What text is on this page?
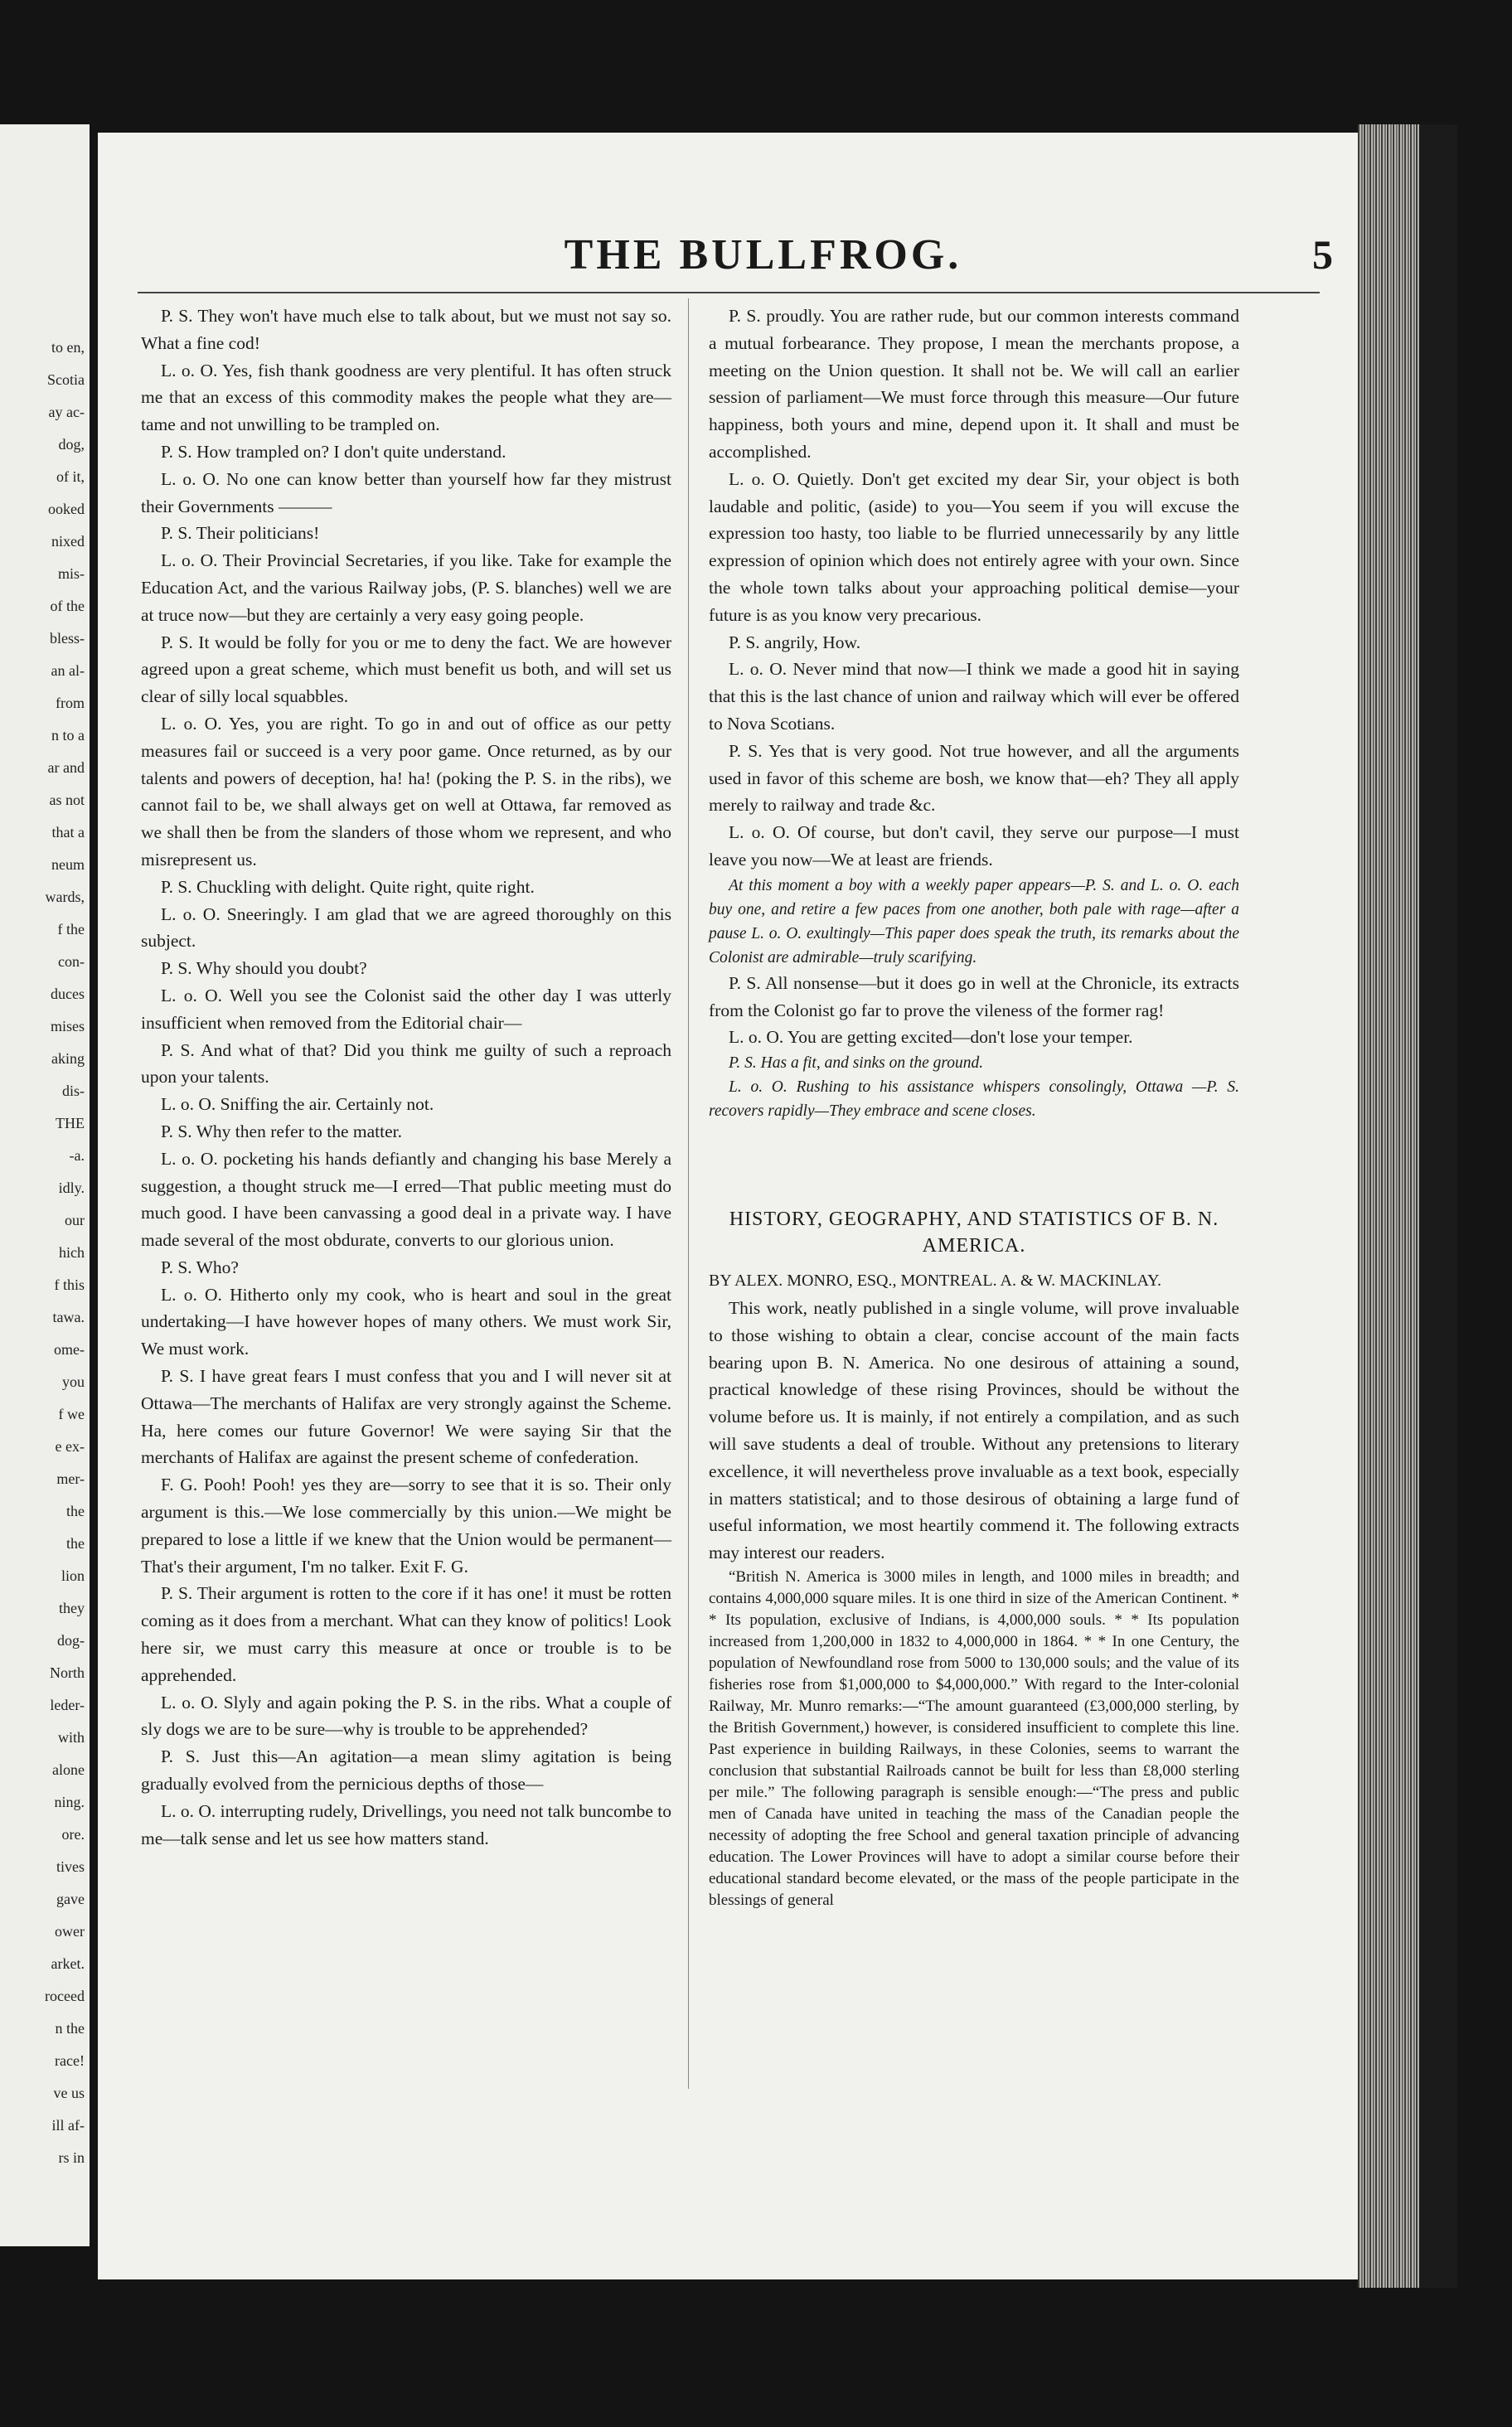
to en,
Scotia
ay ac-
dog,
of it,
ooked
nixed
mis-
of the
bless-
an al-
from
n to a
ar and
as not
that a
neum
wards,
f the
con-
duces
mises
aking
dis-
THE
-a.
idly.
our
hich
f this
tawa.
ome-
you
f we
e ex-
mer-
the
the
lion
they
dog-
North
leder-
with
alone
ning.
ore.
tives
gave
ower
arket.
roceed
n the
race!
ve us
ill af-
rs in
THE BULLFROG.	5

P. S. They won't have much else to talk about, but we must not say so. What a fine cod!

L. o. O. Yes, fish thank goodness are very plentiful. It has often struck me that an excess of this commodity makes the people what they are—tame and not unwilling to be trampled on.

P. S. How trampled on? I don't quite understand.

L. o. O. No one can know better than yourself how far they mistrust their Governments ———

P. S. Their politicians!

L. o. O. Their Provincial Secretaries, if you like. Take for example the Education Act, and the various Railway jobs, (P. S. blanches) well we are at truce now—but they are certainly a very easy going people.

P. S. It would be folly for you or me to deny the fact. We are however agreed upon a great scheme, which must benefit us both, and will set us clear of silly local squabbles.

L. o. O. Yes, you are right. To go in and out of office as our petty measures fail or succeed is a very poor game. Once returned, as by our talents and powers of deception, ha! ha! (poking the P. S. in the ribs), we cannot fail to be, we shall always get on well at Ottawa, far removed as we shall then be from the slanders of those whom we represent, and who misrepresent us.

P. S. Chuckling with delight. Quite right, quite right.

L. o. O. Sneeringly. I am glad that we are agreed thoroughly on this subject.

P. S. Why should you doubt?

L. o. O. Well you see the Colonist said the other day I was utterly insufficient when removed from the Editorial chair—

P. S. And what of that? Did you think me guilty of such a reproach upon your talents.

L. o. O. Sniffing the air. Certainly not.

P. S. Why then refer to the matter.

L. o. O. pocketing his hands defiantly and changing his base Merely a suggestion, a thought struck me—I erred—That public meeting must do much good. I have been canvassing a good deal in a private way. I have made several of the most obdurate, converts to our glorious union.

P. S. Who?

L. o. O. Hitherto only my cook, who is heart and soul in the great undertaking—I have however hopes of many others. We must work Sir, We must work.

P. S. I have great fears I must confess that you and I will never sit at Ottawa—The merchants of Halifax are very strongly against the Scheme. Ha, here comes our future Governor! We were saying Sir that the merchants of Halifax are against the present scheme of confederation.

F. G. Pooh! Pooh! yes they are—sorry to see that it is so. Their only argument is this.—We lose commercially by this union.—We might be prepared to lose a little if we knew that the Union would be permanent—That's their argument, I'm no talker. Exit F. G.

P. S. Their argument is rotten to the core if it has one! it must be rotten coming as it does from a merchant. What can they know of politics! Look here sir, we must carry this measure at once or trouble is to be apprehended.

L. o. O. Slyly and again poking the P. S. in the ribs. What a couple of sly dogs we are to be sure—why is trouble to be apprehended?

P. S. Just this—An agitation—a mean slimy agitation is being gradually evolved from the pernicious depths of those—

L. o. O. interrupting rudely, Drivellings, you need not talk buncombe to me—talk sense and let us see how matters stand.

P. S. proudly. You are rather rude, but our common interests command a mutual forbearance. They propose, I mean the merchants propose, a meeting on the Union question. It shall not be. We will call an earlier session of parliament—We must force through this measure—Our future happiness, both yours and mine, depend upon it. It shall and must be accomplished.

L. o. O. Quietly. Don't get excited my dear Sir, your object is both laudable and politic, (aside) to you—You seem if you will excuse the expression too hasty, too liable to be flurried unnecessarily by any little expression of opinion which does not entirely agree with your own. Since the whole town talks about your approaching political demise—your future is as you know very precarious.

P. S. angrily, How.

L. o. O. Never mind that now—I think we made a good hit in saying that this is the last chance of union and railway which will ever be offered to Nova Scotians.

P. S. Yes that is very good. Not true however, and all the arguments used in favor of this scheme are bosh, we know that—eh? They all apply merely to railway and trade &c.

L. o. O. Of course, but don't cavil, they serve our purpose—I must leave you now—We at least are friends.

At this moment a boy with a weekly paper appears—P. S. and L. o. O. each buy one, and retire a few paces from one another, both pale with rage—after a pause L. o. O. exultingly—This paper does speak the truth, its remarks about the Colonist are admirable—truly scarifying.

P. S. All nonsense—but it does go in well at the Chronicle, its extracts from the Colonist go far to prove the vileness of the former rag!

L. o. O. You are getting excited—don't lose your temper.

P. S. Has a fit, and sinks on the ground.

L. o. O. Rushing to his assistance whispers consolingly, Ottawa —P. S. recovers rapidly—They embrace and scene closes.

HISTORY, GEOGRAPHY, AND STATISTICS OF B. N. AMERICA.

BY ALEX. MONRO, ESQ., MONTREAL. A. & W. MACKINLAY.

This work, neatly published in a single volume, will prove invaluable to those wishing to obtain a clear, concise account of the main facts bearing upon B. N. America. No one desirous of attaining a sound, practical knowledge of these rising Provinces, should be without the volume before us. It is mainly, if not entirely a compilation, and as such will save students a deal of trouble. Without any pretensions to literary excellence, it will nevertheless prove invaluable as a text book, especially in matters statistical; and to those desirous of obtaining a large fund of useful information, we most heartily commend it. The following extracts may interest our readers.

“British N. America is 3000 miles in length, and 1000 miles in breadth; and contains 4,000,000 square miles. It is one third in size of the American Continent. * * Its population, exclusive of Indians, is 4,000,000 souls. * * Its population increased from 1,200,000 in 1832 to 4,000,000 in 1864. * * In one Century, the population of Newfoundland rose from 5000 to 130,000 souls; and the value of its fisheries rose from $1,000,000 to $4,000,000.” With regard to the Inter-colonial Railway, Mr. Munro remarks:—“The amount guaranteed (£3,000,000 sterling, by the British Government,) however, is considered insufficient to complete this line. Past experience in building Railways, in these Colonies, seems to warrant the conclusion that substantial Railroads cannot be built for less than £8,000 sterling per mile.” The following paragraph is sensible enough:—“The press and public men of Canada have united in teaching the mass of the Canadian people the necessity of adopting the free School and general taxation principle of advancing education. The Lower Provinces will have to adopt a similar course before their educational standard become elevated, or the mass of the people participate in the blessings of general
